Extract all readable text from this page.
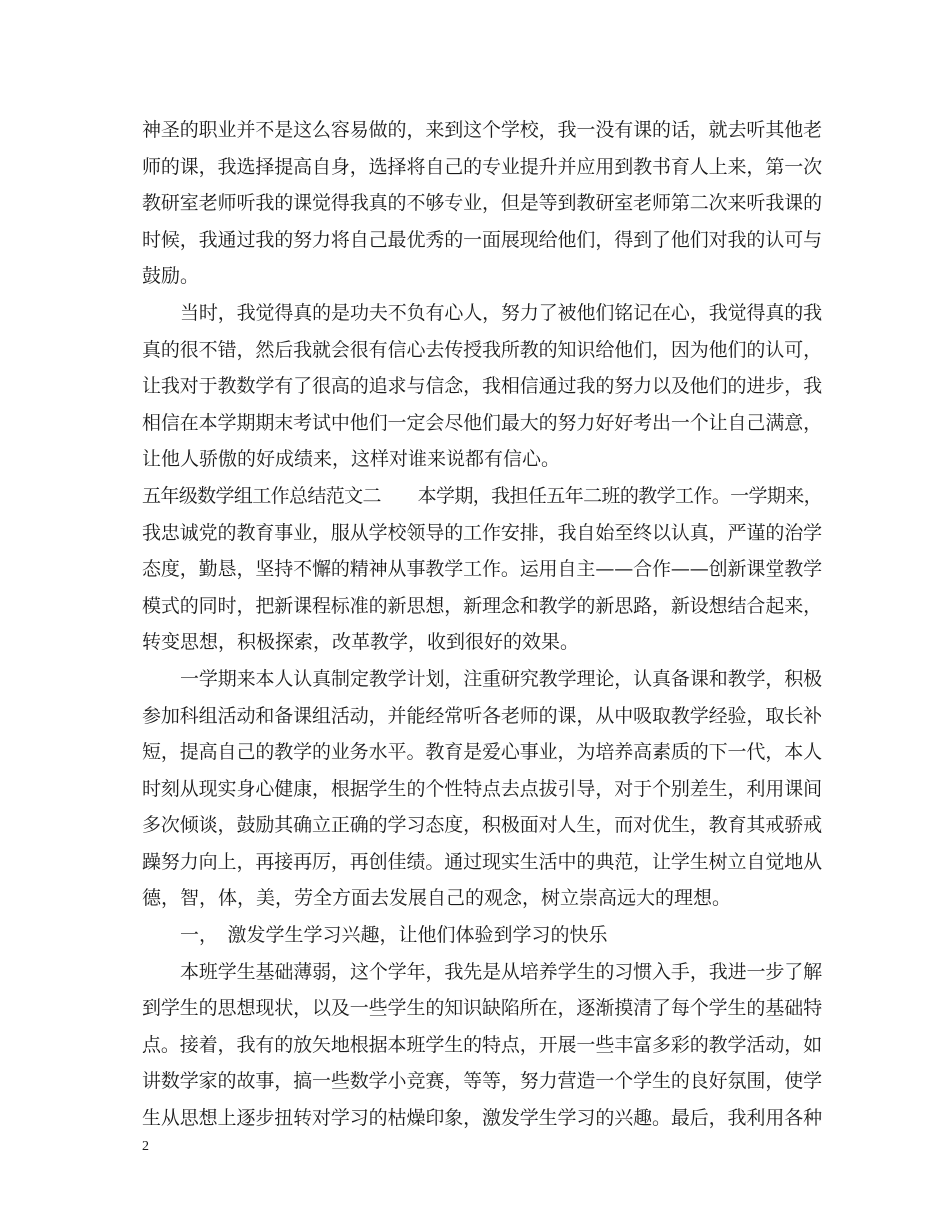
神圣的职业并不是这么容易做的，来到这个学校，我一没有课的话，就去听其他老
师的课，我选择提高自身，选择将自己的专业提升并应用到教书育人上来，第一次
教研室老师听我的课觉得我真的不够专业，但是等到教研室老师第二次来听我课的
时候，我通过我的努力将自己最优秀的一面展现给他们，得到了他们对我的认可与
鼓励。
当时，我觉得真的是功夫不负有心人，努力了被他们铭记在心，我觉得真的我
真的很不错，然后我就会很有信心去传授我所教的知识给他们，因为他们的认可，
让我对于教数学有了很高的追求与信念，我相信通过我的努力以及他们的进步，我
相信在本学期期末考试中他们一定会尽他们最大的努力好好考出一个让自己满意，
让他人骄傲的好成绩来，这样对谁来说都有信心。
五年级数学组工作总结范文二　　本学期，我担任五年二班的教学工作。一学期来，
我忠诚党的教育事业，服从学校领导的工作安排，我自始至终以认真，严谨的治学
态度，勤恳，坚持不懈的精神从事教学工作。运用自主——合作——创新课堂教学
模式的同时，把新课程标准的新思想，新理念和教学的新思路，新设想结合起来，
转变思想，积极探索，改革教学，收到很好的效果。
一学期来本人认真制定教学计划，注重研究教学理论，认真备课和教学，积极
参加科组活动和备课组活动，并能经常听各老师的课，从中吸取教学经验，取长补
短，提高自己的教学的业务水平。教育是爱心事业，为培养高素质的下一代，本人
时刻从现实身心健康，根据学生的个性特点去点拔引导，对于个别差生，利用课间
多次倾谈，鼓励其确立正确的学习态度，积极面对人生，而对优生，教育其戒骄戒
躁努力向上，再接再厉，再创佳绩。通过现实生活中的典范，让学生树立自觉地从
德，智，体，美，劳全方面去发展自己的观念，树立崇高远大的理想。
一，　激发学生学习兴趣，让他们体验到学习的快乐
本班学生基础薄弱，这个学年，我先是从培养学生的习惯入手，我进一步了解
到学生的思想现状，以及一些学生的知识缺陷所在，逐渐摸清了每个学生的基础特
点。接着，我有的放矢地根据本班学生的特点，开展一些丰富多彩的教学活动，如
讲数学家的故事，搞一些数学小竞赛，等等，努力营造一个学生的良好氛围，使学
生从思想上逐步扭转对学习的枯燥印象，激发学生学习的兴趣。最后，我利用各种
2
